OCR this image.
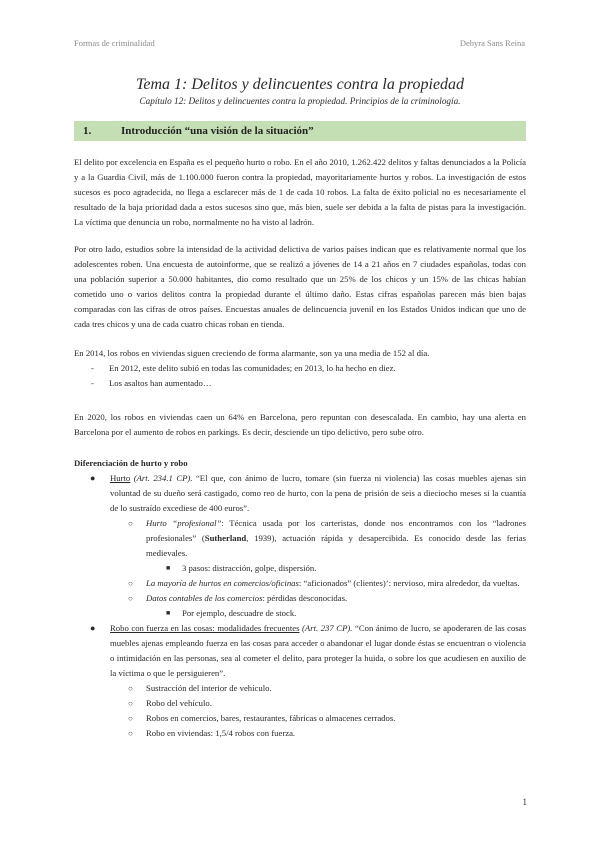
Formas de criminalidad	Dehyra Sans Reina
Tema 1: Delitos y delincuentes contra la propiedad
Capítulo 12: Delitos y delincuentes contra la propiedad. Principios de la criminología.
1.	Introducción “una visión de la situación”

El delito por excelencia en España es el pequeño hurto o robo. En el año 2010, 1.262.422 delitos y faltas denunciados a la Policía y a la Guardia Civil, más de 1.100.000 fueron contra la propiedad, mayoritariamente hurtos y robos. La investigación de estos sucesos es poco agradecida, no llega a esclarecer más de 1 de cada 10 robos. La falta de éxito policial no es necesariamente el resultado de la baja prioridad dada a estos sucesos sino que, más bien, suele ser debida a la falta de pistas para la investigación. La víctima que denuncia un robo, normalmente no ha visto al ladrón.

Por otro lado, estudios sobre la intensidad de la actividad delictiva de varios países indican que es relativamente normal que los adolescentes roben. Una encuesta de autoinforme, que se realizó a jóvenes de 14 a 21 años en 7 ciudades españolas, todas con una población superior a 50.000 habitantes, dio como resultado que un 25% de los chicos y un 15% de las chicas habían cometido uno o varios delitos contra la propiedad durante el último daño. Estas cifras españolas parecen más bien bajas comparadas con las cifras de otros países. Encuestas anuales de delincuencia juvenil en los Estados Unidos indican que uno de cada tres chicos y una de cada cuatro chicas roban en tienda.

En 2014, los robos en viviendas siguen creciendo de forma alarmante, son ya una media de 152 al día.

-	En 2012, este delito subió en todas las comunidades; en 2013, lo ha hecho en diez.
-	Los asaltos han aumentado…

En 2020, los robos en viviendas caen un 64% en Barcelona, pero repuntan con desescalada. En cambio, hay una alerta en Barcelona por el aumento de robos en parkings. Es decir, desciende un tipo delictivo, pero sube otro.

Diferenciación de hurto y robo
●	Hurto (Art. 234.1 CP). “El que, con ánimo de lucro, tomare (sin fuerza ni violencia) las cosas muebles ajenas sin voluntad de su dueño será castigado, como reo de hurto, con la pena de prisión de seis a dieciocho meses si la cuantía de lo sustraído excediese de 400 euros”.
○	Hurto “profesional”: Técnica usada por los carteristas, donde nos encontramos con los “ladrones profesionales” (Sutherland, 1939), actuación rápida y desapercibida. Es conocido desde las ferias medievales.
■	3 pasos: distracción, golpe, dispersión.
○	La mayoría de hurtos en comercios/oficinas: “aficionados” (clientes)’: nervioso, mira alrededor, da vueltas.
○	Datos contables de los comercios: pérdidas desconocidas.
■	Por ejemplo, descuadre de stock.
●	Robo con fuerza en las cosas: modalidades frecuentes (Art. 237 CP). “Con ánimo de lucro, se apoderaren de las cosas muebles ajenas empleando fuerza en las cosas para acceder o abandonar el lugar donde éstas se encuentran o violencia o intimidación en las personas, sea al cometer el delito, para proteger la huida, o sobre los que acudiesen en auxilio de la víctima o que le persiguieren”.
○	Sustracción del interior de vehículo.
○	Robo del vehículo.
○	Robos en comercios, bares, restaurantes, fábricas o almacenes cerrados.
○	Robo en viviendas: 1,5/4 robos con fuerza.
1
